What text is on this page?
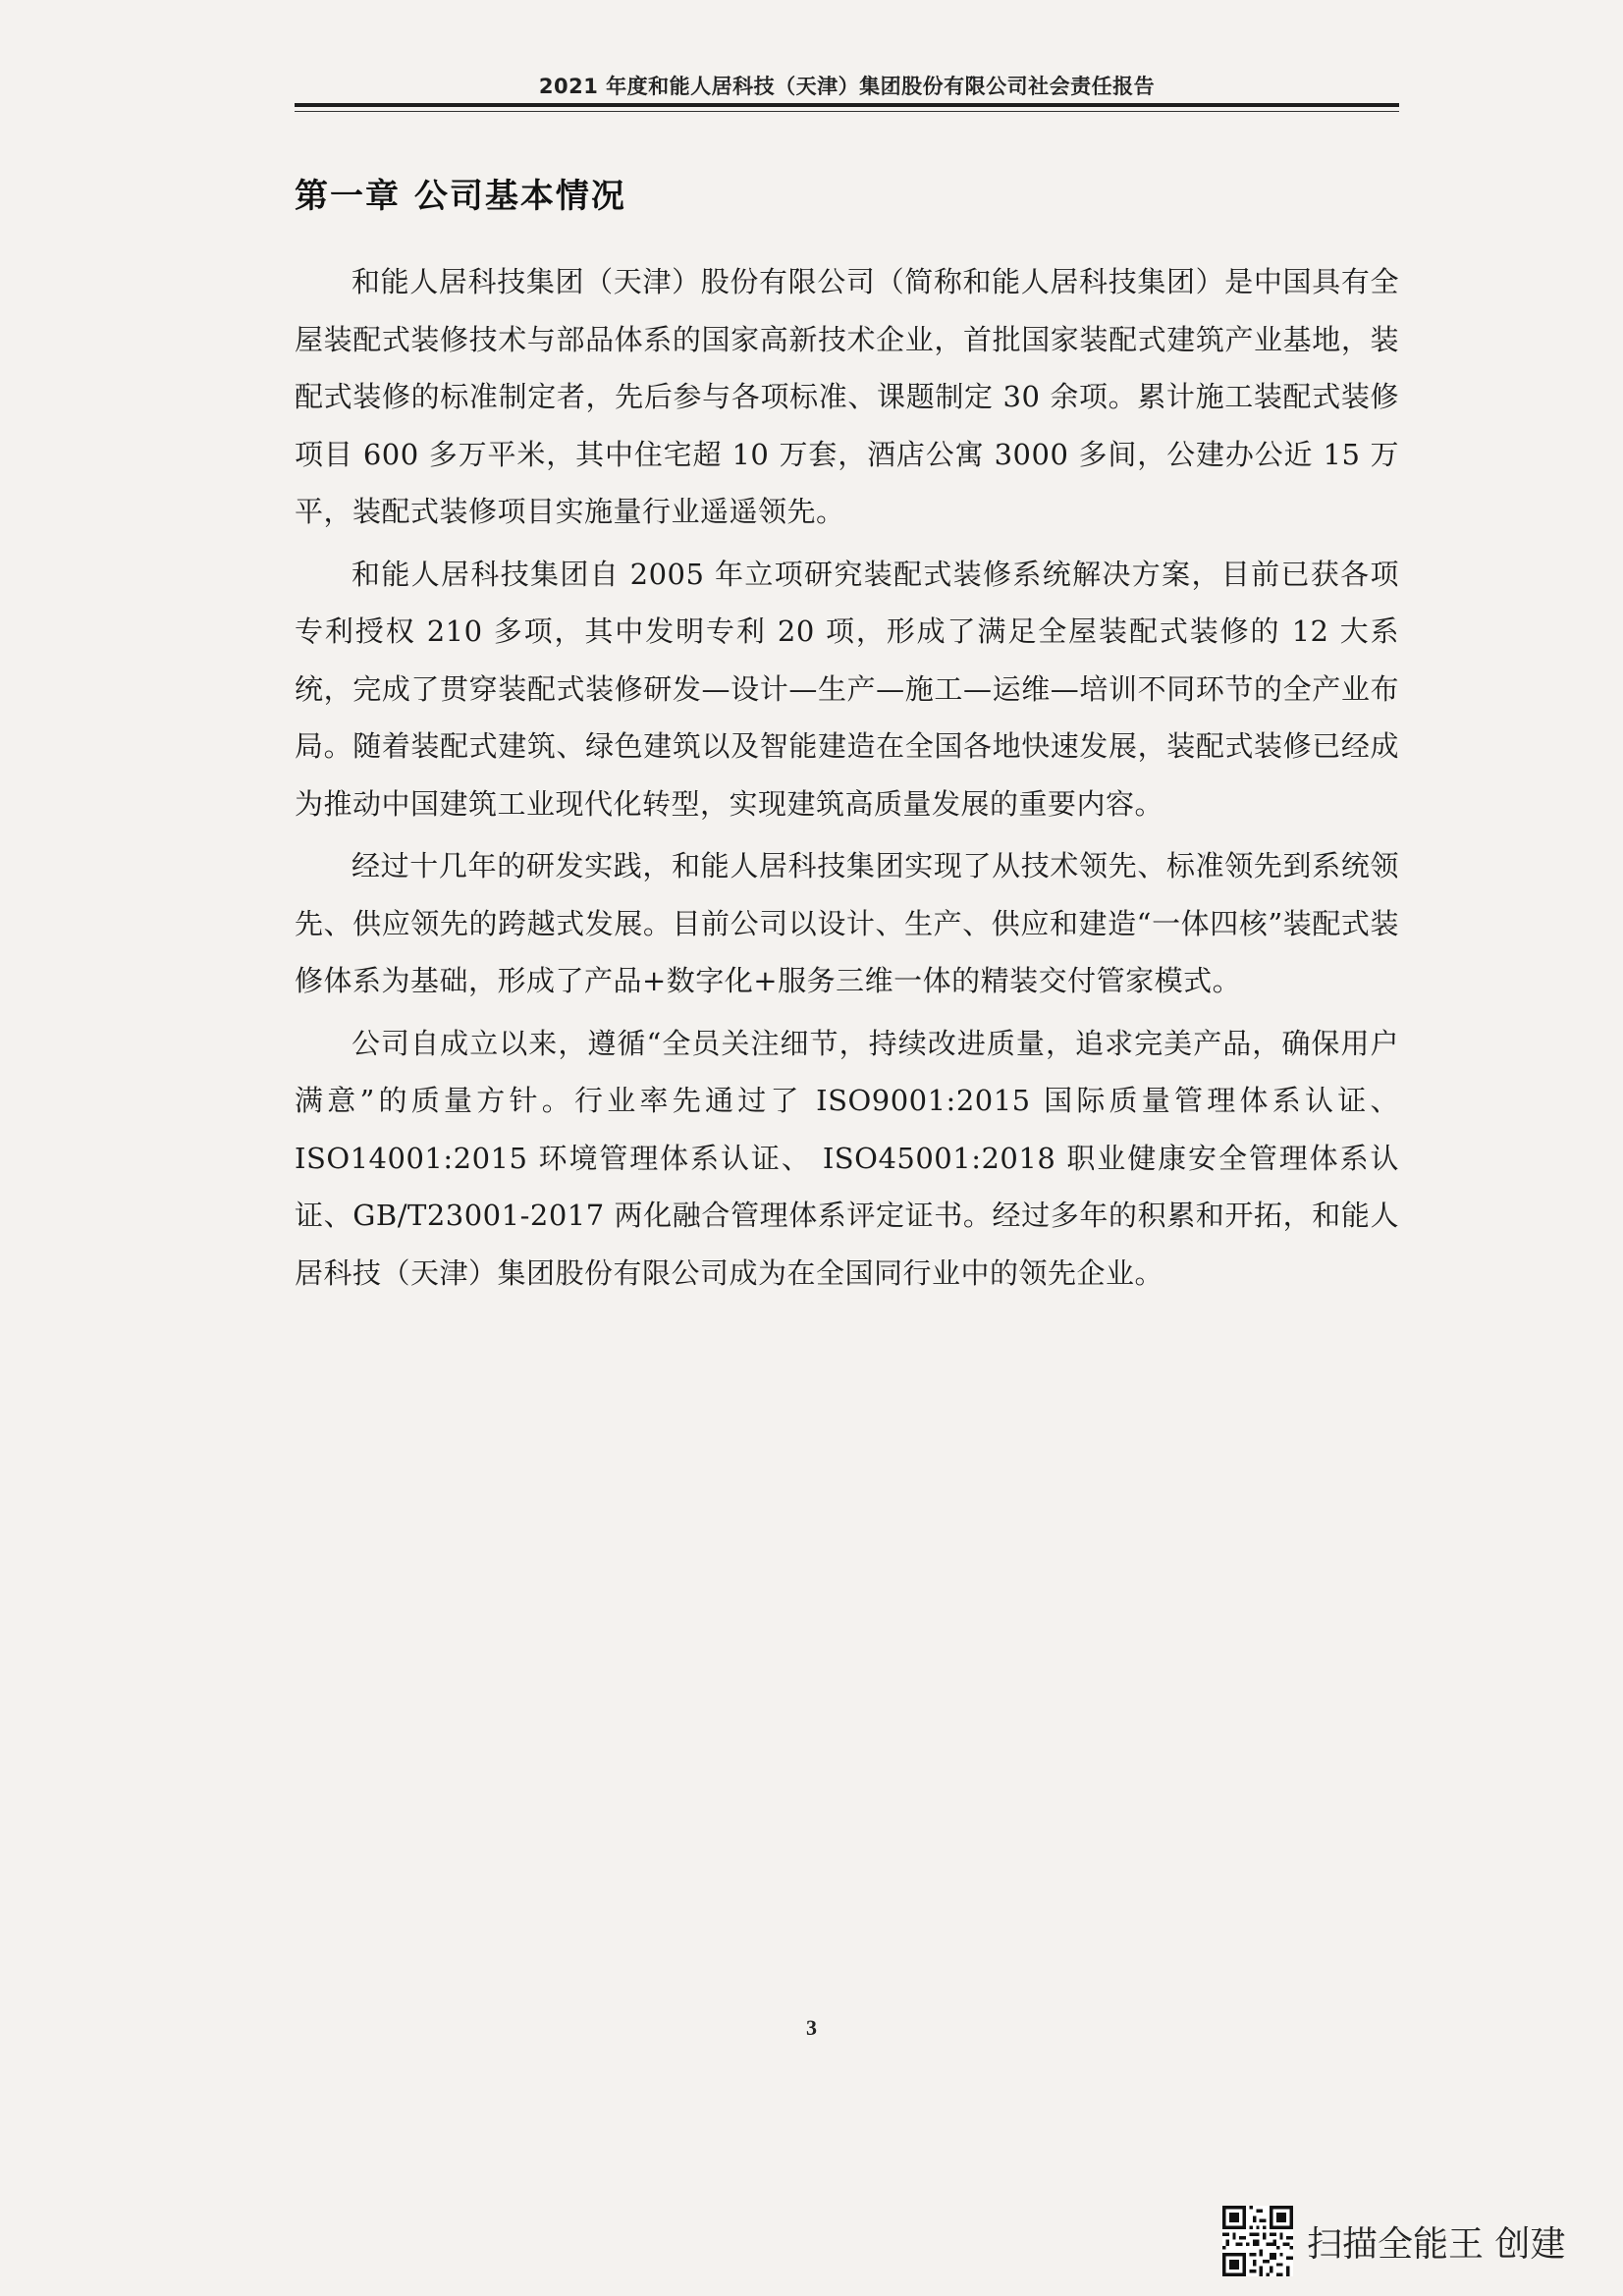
2021 年度和能人居科技（天津）集团股份有限公司社会责任报告
第一章 公司基本情况

和能人居科技集团（天津）股份有限公司（简称和能人居科技集团）是中国具有全屋装配式装修技术与部品体系的国家高新技术企业，首批国家装配式建筑产业基地，装配式装修的标准制定者，先后参与各项标准、课题制定 30 余项。累计施工装配式装修项目 600 多万平米，其中住宅超 10 万套，酒店公寓 3000 多间，公建办公近 15 万平，装配式装修项目实施量行业遥遥领先。

和能人居科技集团自 2005 年立项研究装配式装修系统解决方案，目前已获各项专利授权 210 多项，其中发明专利 20 项，形成了满足全屋装配式装修的 12 大系统，完成了贯穿装配式装修研发—设计—生产—施工—运维—培训不同环节的全产业布局。随着装配式建筑、绿色建筑以及智能建造在全国各地快速发展，装配式装修已经成为推动中国建筑工业现代化转型，实现建筑高质量发展的重要内容。

经过十几年的研发实践，和能人居科技集团实现了从技术领先、标准领先到系统领先、供应领先的跨越式发展。目前公司以设计、生产、供应和建造“一体四核”装配式装修体系为基础，形成了产品+数字化+服务三维一体的精装交付管家模式。

公司自成立以来，遵循“全员关注细节，持续改进质量，追求完美产品，确保用户满意”的质量方针。行业率先通过了 ISO9001:2015 国际质量管理体系认证、ISO14001:2015 环境管理体系认证、 ISO45001:2018 职业健康安全管理体系认证、GB/T23001-2017 两化融合管理体系评定证书。经过多年的积累和开拓，和能人居科技（天津）集团股份有限公司成为在全国同行业中的领先企业。

3
扫描全能王 创建
